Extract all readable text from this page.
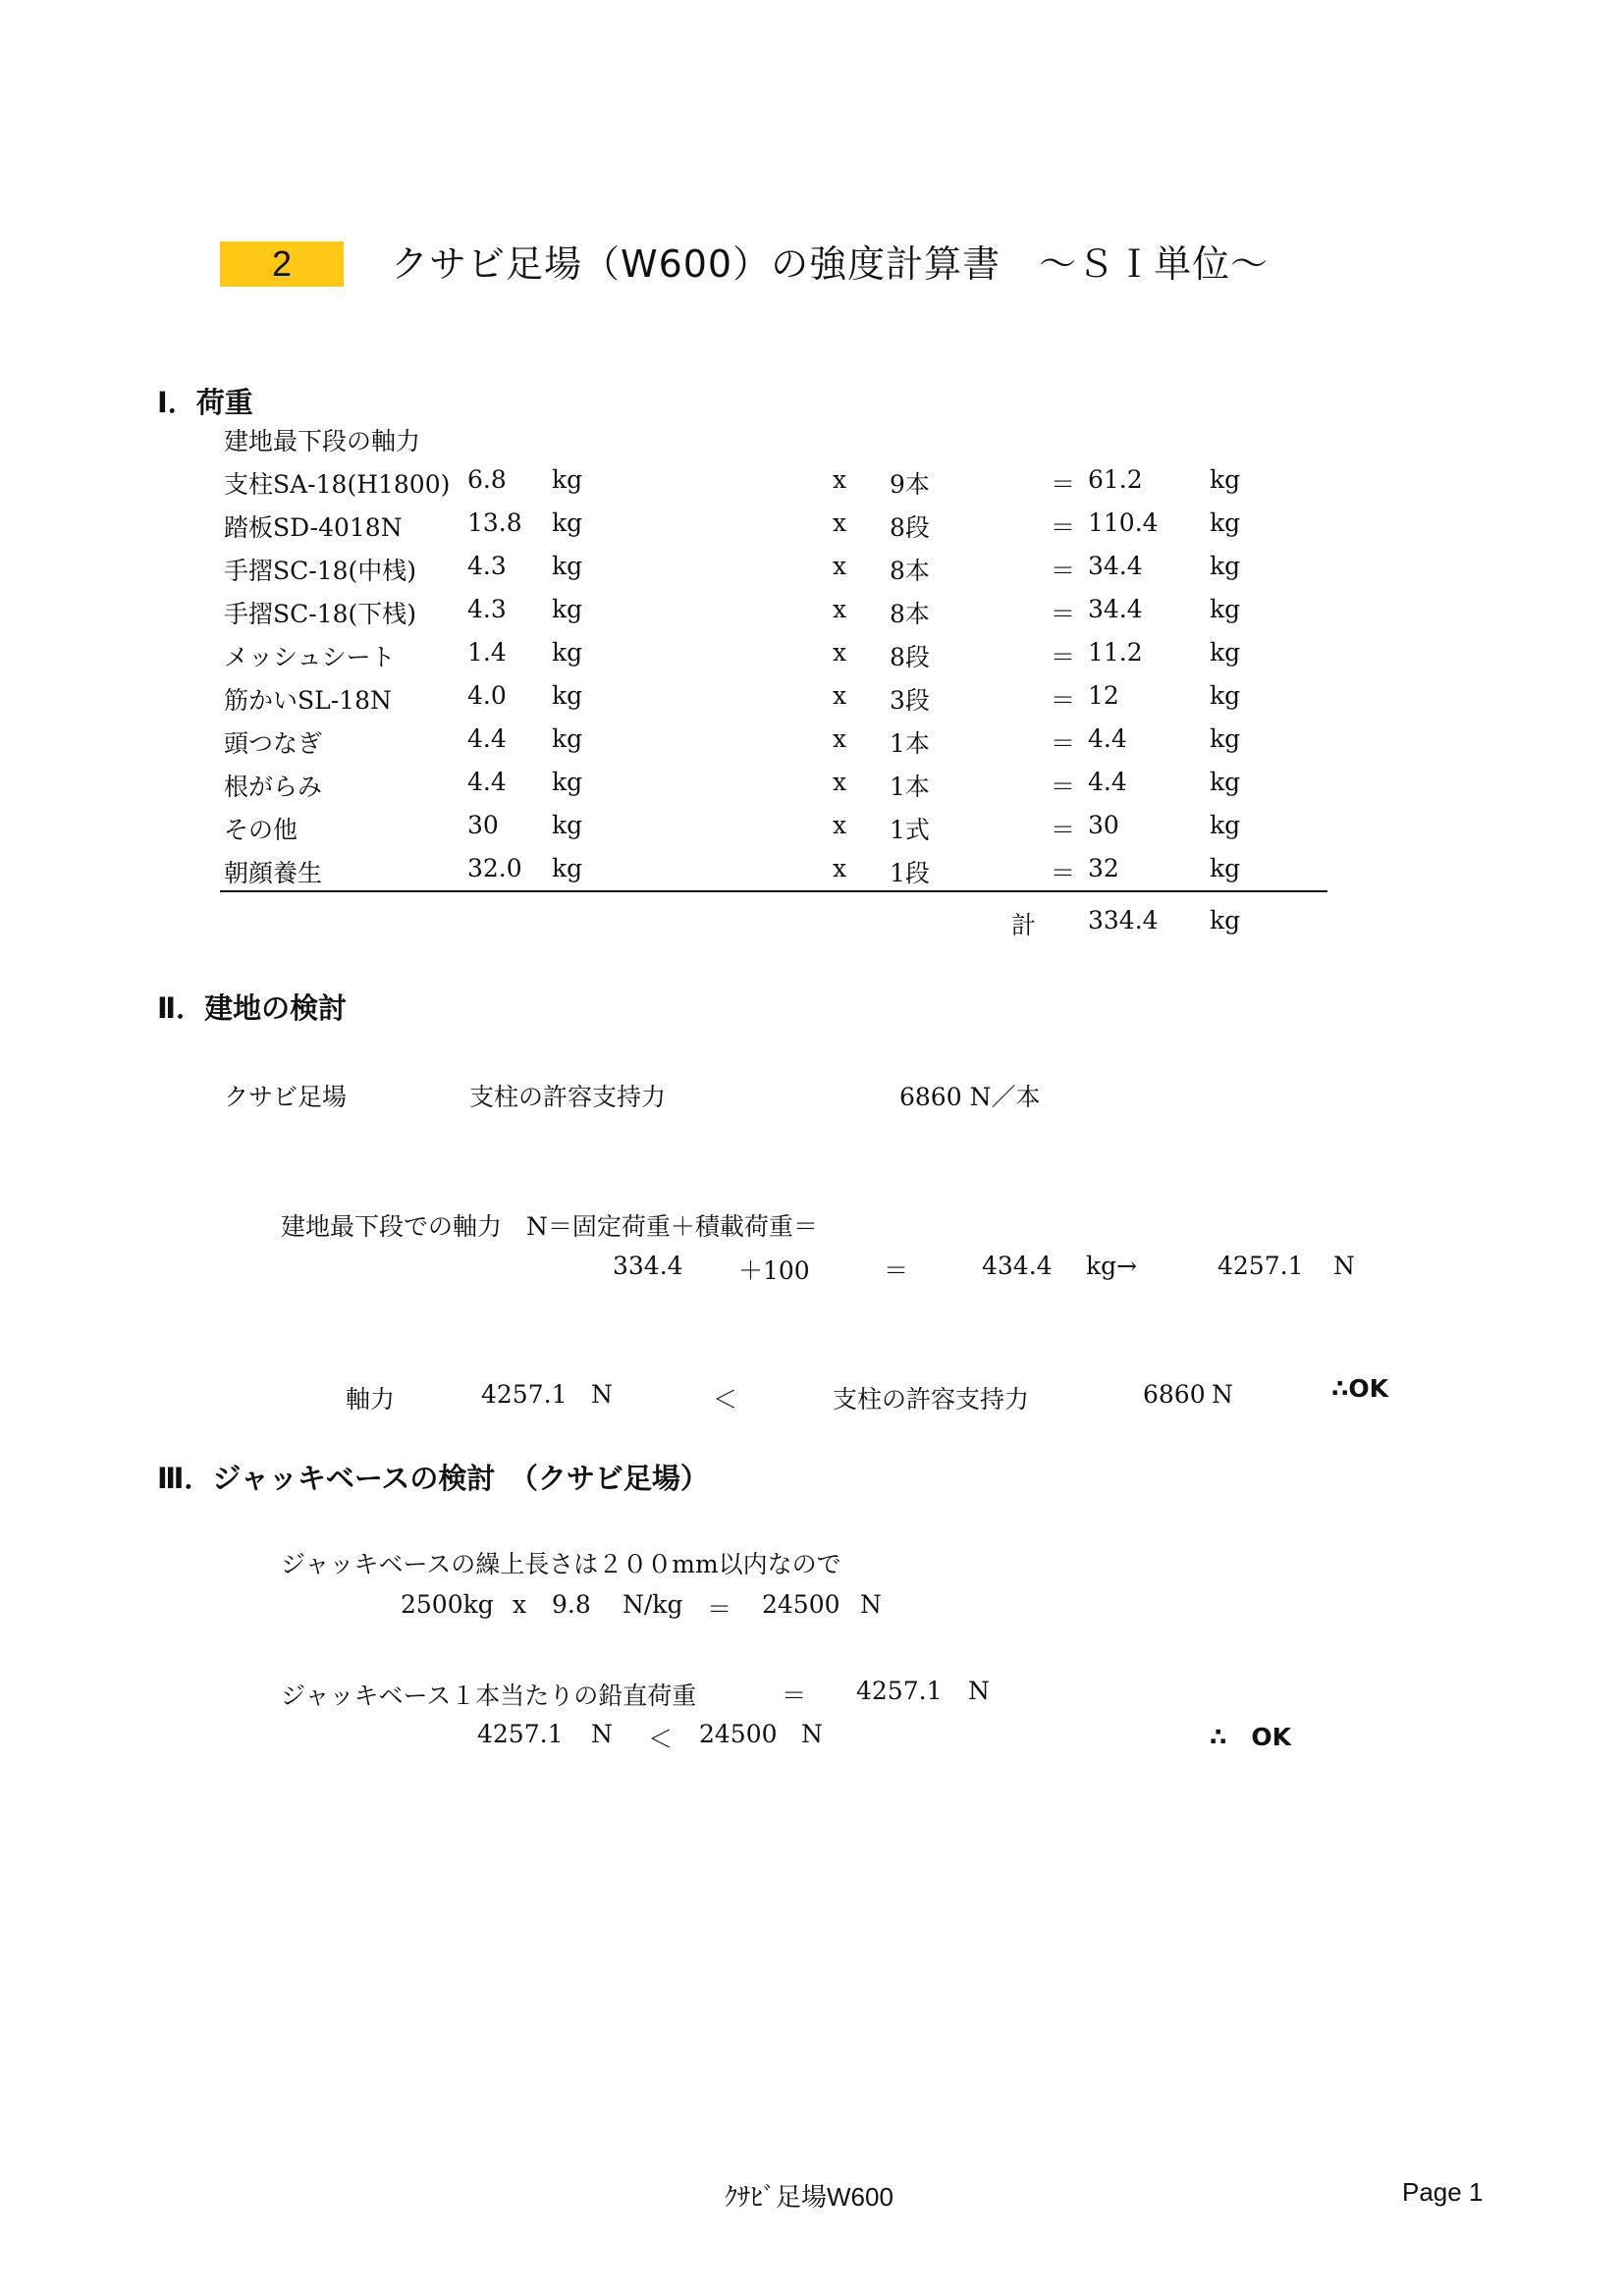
2	クサビ足場（W600）の強度計算書　～ＳＩ単位～
Ⅰ．荷重
建地最下段の軸力
支柱SA-18(H1800) 6.8 kg	x 9本	＝ 61.2	kg
踏板SD-4018N	13.8 kg	x 8段	＝ 110.4 kg
手摺SC-18(中桟) 4.3 kg	x 8本	＝ 34.4	kg
手摺SC-18(下桟) 4.3 kg	x 8本	＝ 34.4	kg
メッシュシート	1.4 kg	x 8段	＝ 11.2	kg
筋かいSL-18N	4.0 kg	x 3段	＝ 12	kg
頭つなぎ	4.4 kg	x 1本	＝ 4.4	kg
根がらみ	4.4 kg	x 1本	＝ 4.4	kg
その他	30 kg	x 1式	＝ 30	kg
朝顔養生	32.0 kg	x 1段	＝ 32	kg
計 334.4 kg
Ⅱ．建地の検討
クサビ足場	支柱の許容支持力	6860 N／本
建地最下段での軸力　N＝固定荷重＋積載荷重＝
334.4 ＋100	＝	434.4 kg→	4257.1 N
軸力	4257.1 N	＜	支柱の許容支持力	6860 N	∴OK
Ⅲ．ジャッキベースの検討　（クサビ足場）
ジャッキベースの繰上長さは２００mm以内なので
2500kg x 9.8 N/kg ＝ 24500 N
ジャッキベース１本当たりの鉛直荷重	＝ 4257.1 N
4257.1 N ＜ 24500 N	∴　OK
ｸｻﾋﾞ足場W600	Page 1
